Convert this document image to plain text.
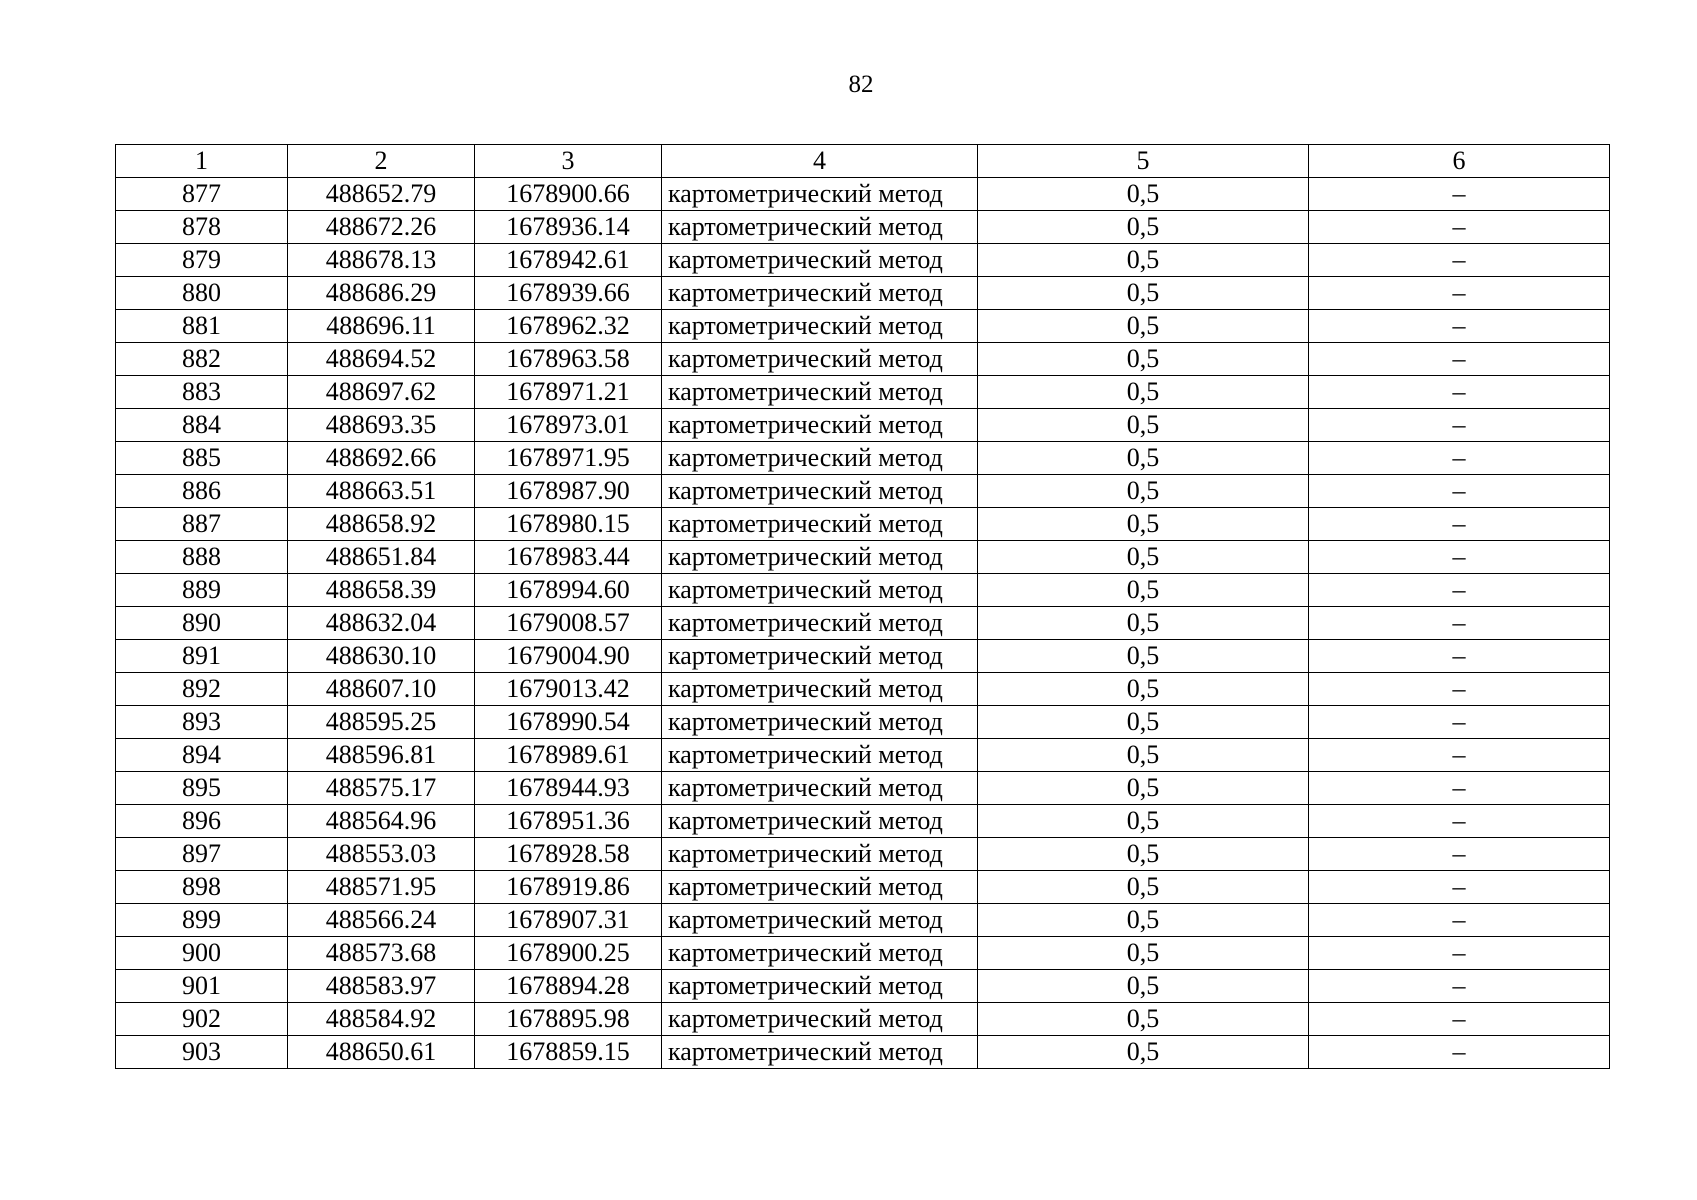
82
1	2	3	4	5	6
877	488652.79	1678900.66	картометрический метод	0,5	–
878	488672.26	1678936.14	картометрический метод	0,5	–
879	488678.13	1678942.61	картометрический метод	0,5	–
880	488686.29	1678939.66	картометрический метод	0,5	–
881	488696.11	1678962.32	картометрический метод	0,5	–
882	488694.52	1678963.58	картометрический метод	0,5	–
883	488697.62	1678971.21	картометрический метод	0,5	–
884	488693.35	1678973.01	картометрический метод	0,5	–
885	488692.66	1678971.95	картометрический метод	0,5	–
886	488663.51	1678987.90	картометрический метод	0,5	–
887	488658.92	1678980.15	картометрический метод	0,5	–
888	488651.84	1678983.44	картометрический метод	0,5	–
889	488658.39	1678994.60	картометрический метод	0,5	–
890	488632.04	1679008.57	картометрический метод	0,5	–
891	488630.10	1679004.90	картометрический метод	0,5	–
892	488607.10	1679013.42	картометрический метод	0,5	–
893	488595.25	1678990.54	картометрический метод	0,5	–
894	488596.81	1678989.61	картометрический метод	0,5	–
895	488575.17	1678944.93	картометрический метод	0,5	–
896	488564.96	1678951.36	картометрический метод	0,5	–
897	488553.03	1678928.58	картометрический метод	0,5	–
898	488571.95	1678919.86	картометрический метод	0,5	–
899	488566.24	1678907.31	картометрический метод	0,5	–
900	488573.68	1678900.25	картометрический метод	0,5	–
901	488583.97	1678894.28	картометрический метод	0,5	–
902	488584.92	1678895.98	картометрический метод	0,5	–
903	488650.61	1678859.15	картометрический метод	0,5	–
